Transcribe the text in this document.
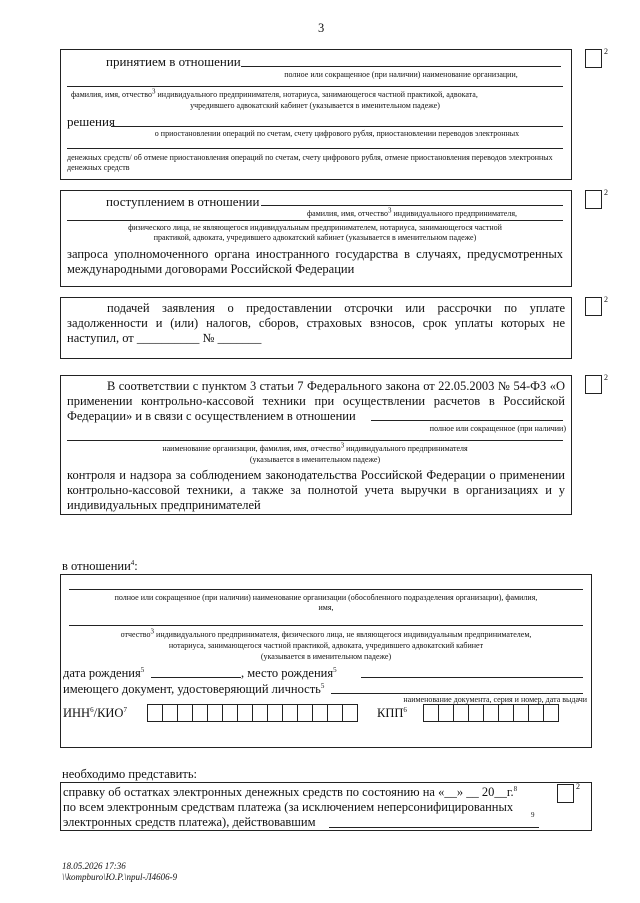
3
принятием в отношении
полное или сокращенное (при наличии) наименование организации,
фамилия, имя, отчество$^3$ индивидуального предпринимателя, нотариуса, занимающегося частной практикой, адвоката,
учредившего адвокатский кабинет (указывается в именительном падеже)
решения
о приостановлении операций по счетам, счету цифрового рубля, приостановлении переводов электронных
денежных средств/ об отмене приостановления операций по счетам, счету цифрового рубля, отмене приостановления переводов электронных денежных средств
2
поступлением в отношении
фамилия, имя, отчество$^3$ индивидуального предпринимателя,
физического лица, не являющегося индивидуальным предпринимателем, нотариуса, занимающегося частной
практикой, адвоката, учредившего адвокатский кабинет (указывается в именительном падеже)
запроса уполномоченного органа иностранного государства в случаях, предусмотренных международными договорами Российской Федерации
2
подачей заявления о предоставлении отсрочки или рассрочки по уплате задолженности и (или) налогов, сборов, страховых взносов, срок уплаты которых не наступил, от __________ № _______
2
В соответствии с пунктом 3 статьи 7 Федерального закона от 22.05.2003 № 54-ФЗ «О применении контрольно-кассовой техники при осуществлении расчетов в Российской Федерации» и в связи с осуществлением в отношении
полное или сокращенное (при наличии)
наименование организации, фамилия, имя, отчество$^3$ индивидуального предпринимателя
(указывается в именительном падеже)
контроля и надзора за соблюдением законодательства Российской Федерации о применении контрольно-кассовой техники, а также за полнотой учета выручки в организациях и у индивидуальных предпринимателей
2
в отношении$^4$:
полное или сокращенное (при наличии) наименование организации (обособленного подразделения организации), фамилия,
имя,
отчество$^3$ индивидуального предпринимателя, физического лица, не являющегося индивидуальным предпринимателем,
нотариуса, занимающегося частной практикой, адвоката, учредившего адвокатский кабинет
(указывается в именительном падеже)
дата рождения$^5$	, место рождения$^5$
имеющего документ, удостоверяющий личность$^5$
наименование документа, серия и номер, дата выдачи
ИНН$^6$/КИО$^7$	КПП$^6$
необходимо представить:
справку об остатках электронных денежных средств по состоянию на «__» __ 20__г.$^8$
по всем электронным средствам платежа (за исключением неперсонифицированных
электронных средств платежа), действовавшим	9
2
18.05.2026 17:36
\\kompburo\Ю.Р.\приl-Л4606-9
